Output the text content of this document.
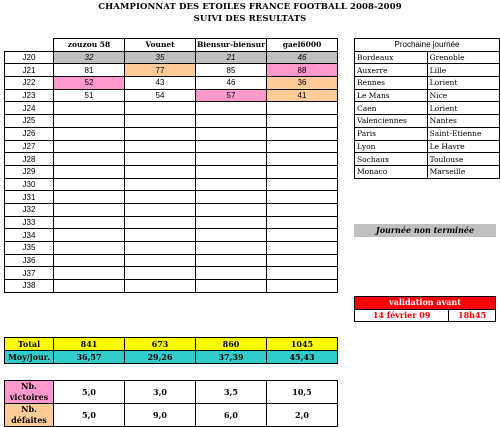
CHAMPIONNAT DES ETOILES FRANCE FOOTBALL 2008-2009
SUIVI DES RESULTATS
	zouzou 58	Vounet	Biensur-biensur	gael6000
J20	32	35	21	46
J21	81	77	85	88
J22	52	43	46	36
J23	51	54	57	41
J24				
J25				
J26				
J27				
J28				
J29				
J30				
J31				
J32				
J33				
J34				
J35				
J36				
J37				
J38				
Prochaine journée	
Bordeaux	Grenoble
Auxerre	Lille
Rennes	Lorient
Le Mans	Nice
Caen	Lorient
Valenciennes	Nantes
Paris	Saint-Etienne
Lyon	Le Havre
Sochaux	Toulouse
Monaco	Marseille
Journée non terminée
validation avant
14 février 09	18h45
Total	841	673	860	1045
Moy/jour.	36,57	29,26	37,39	45,43
Nb. victoires	5,0	3,0	3,5	10,5
Nb. défaites	5,0	9,0	6,0	2,0
